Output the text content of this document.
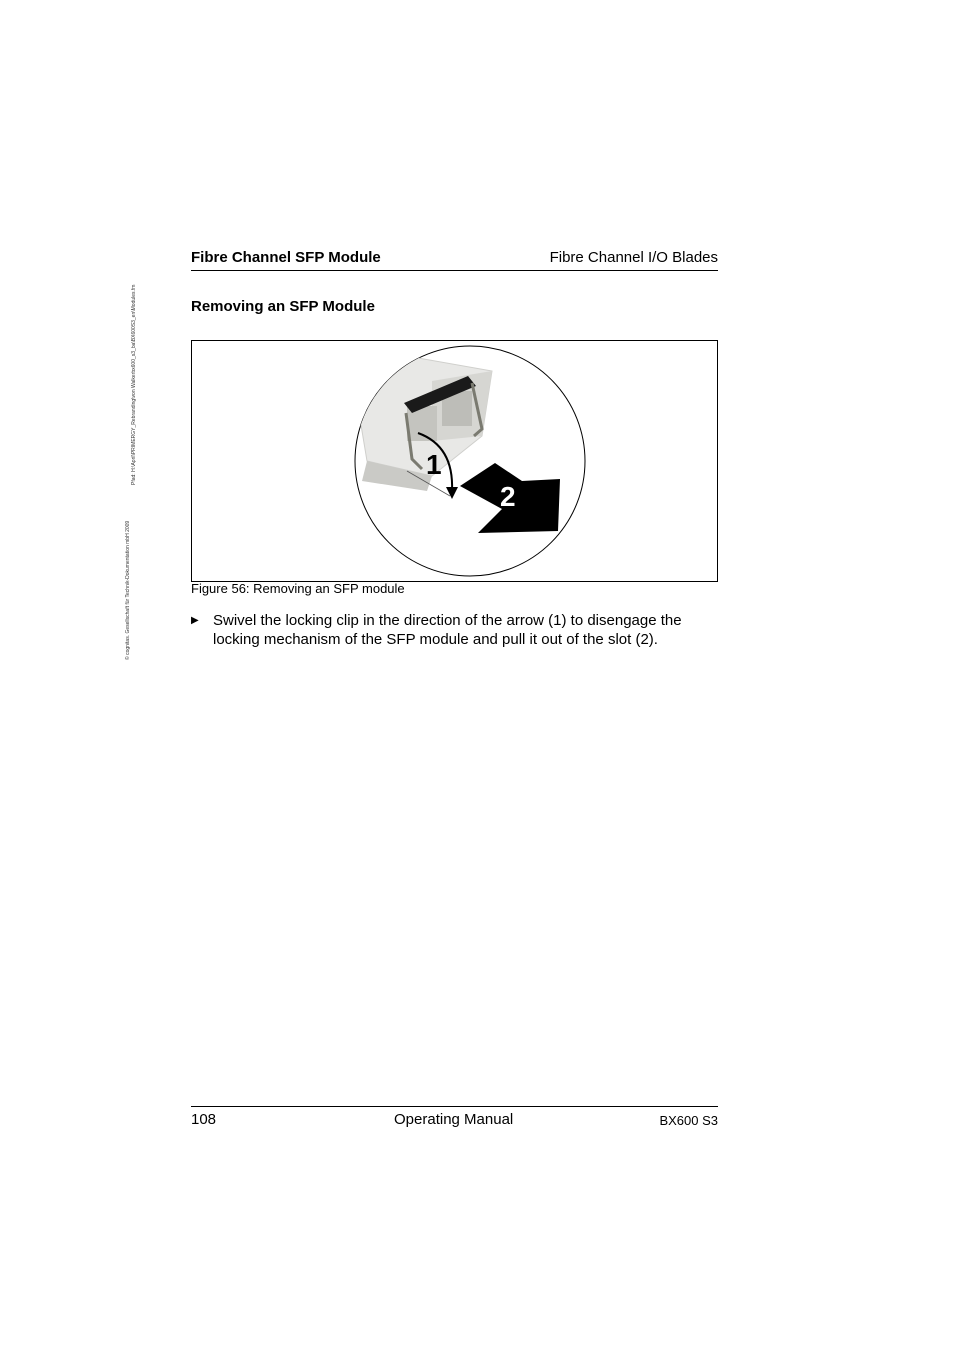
© cognitas. Gesellschaft für Technik-Dokumentation mbH 2009
Pfad: H:\April\PRIMERGY_Rebranding\von Walkerbx600_s3_ba\BX600S3_en\Modules.fm
Fibre Channel SFP Module	Fibre Channel I/O Blades
Removing an SFP Module
1
2
Figure 56: Removing an SFP module
▶ Swivel the locking clip in the direction of the arrow (1) to disengage the locking mechanism of the SFP module and pull it out of the slot (2).
108	Operating Manual	BX600 S3
